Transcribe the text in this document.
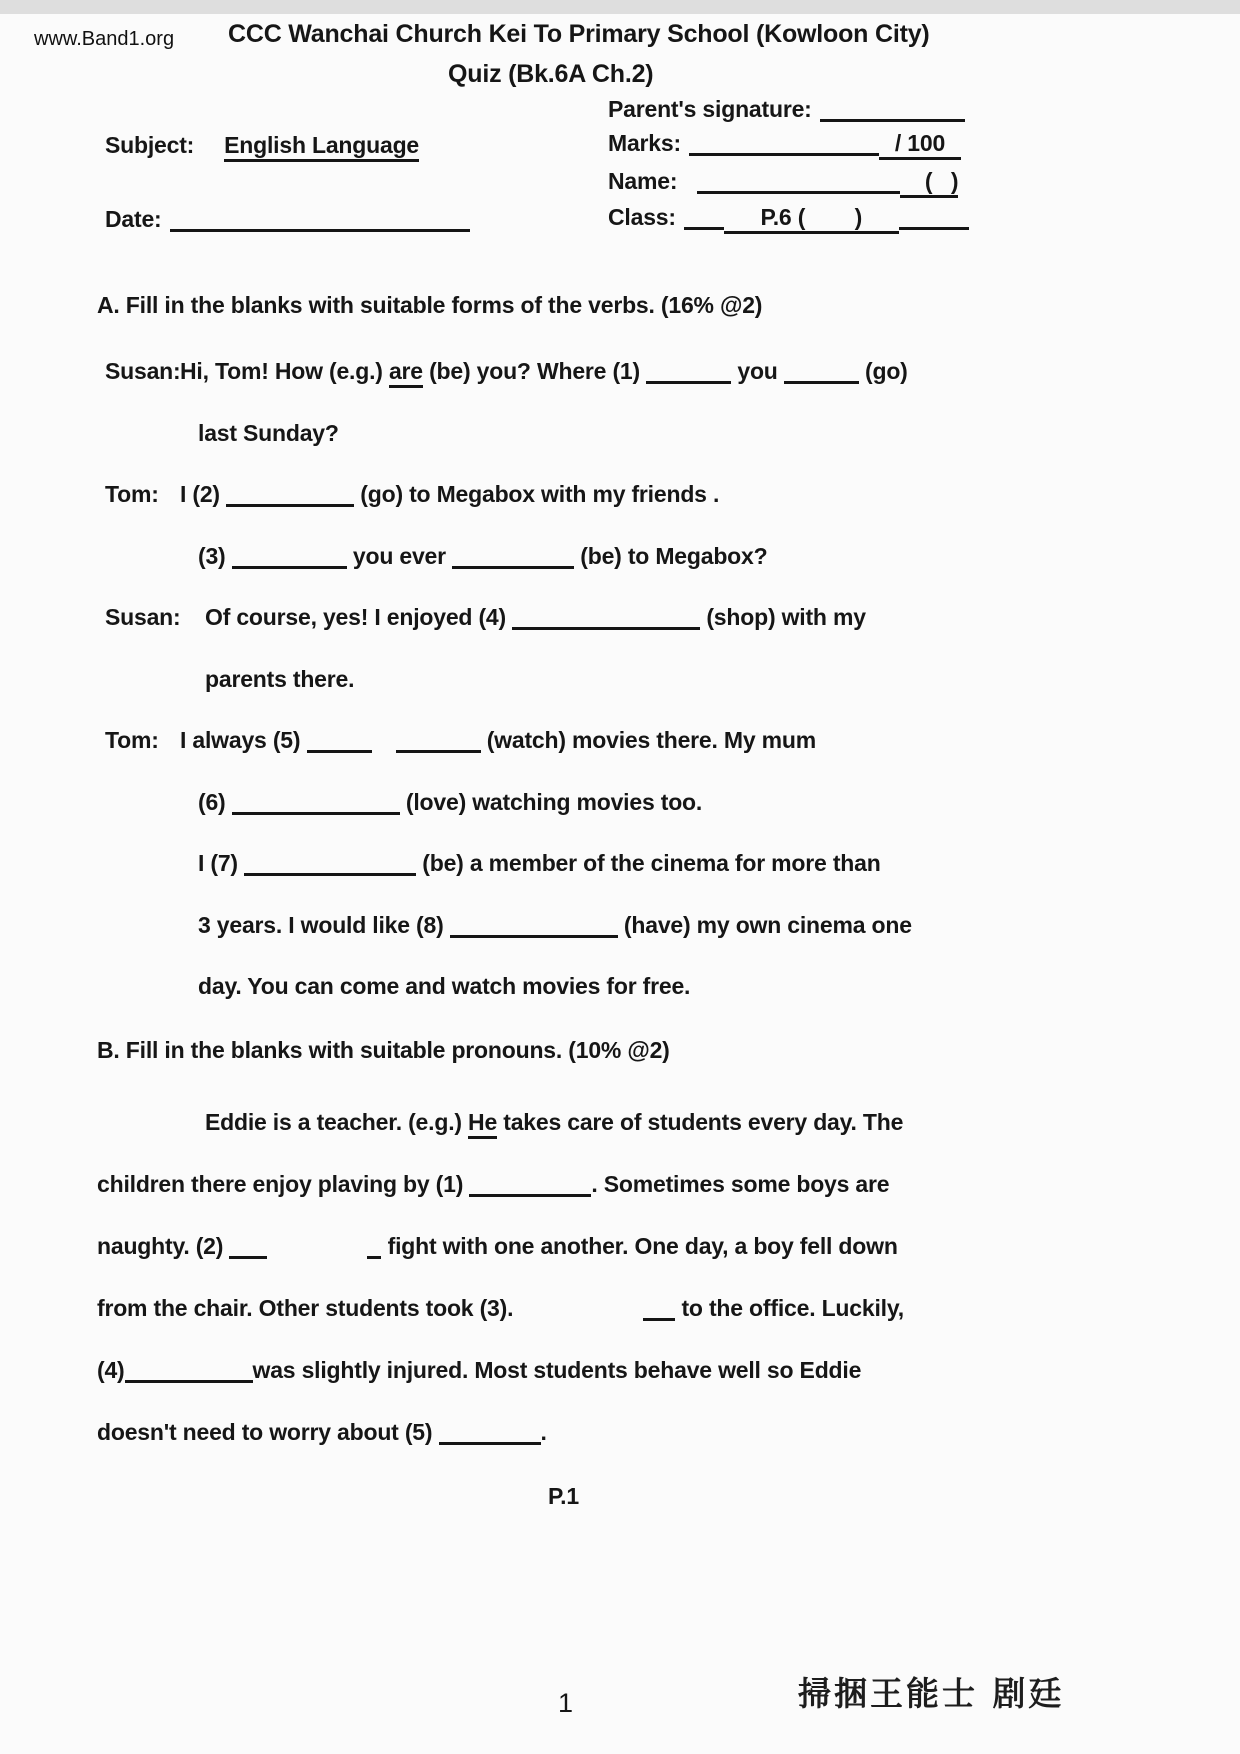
www.Band1.org CCC Wanchai Church Kei To Primary School (Kowloon City)
Quiz (Bk.6A Ch.2)
Parent's signature:
Subject: English Language	Marks:	/ 100
Name:	(   )
Date:	Class:	P.6 (        )
A. Fill in the blanks with suitable forms of the verbs. (16% @2)
Susan: Hi, Tom! How (e.g.) are (be) you? Where (1)	you	(go)
last Sunday?
Tom: I (2)	(go) to Megabox with my friends .
(3)	you ever	(be) to Megabox?
Susan: Of course, yes! I enjoyed (4)	(shop) with my
parents there.
Tom: I always (5)	(watch) movies there. My mum
(6)	(love) watching movies too.
I (7)	(be) a member of the cinema for more than
3 years. I would like (8)	(have) my own cinema one
day. You can come and watch movies for free.
B. Fill in the blanks with suitable pronouns. (10% @2)
Eddie is a teacher. (e.g.) He takes care of students every day. The
children there enjoy plaving by (1)	. Sometimes some boys are
naughty. (2)	fight with one another. One day, a boy fell down
from the chair. Other students took (3).	to the office. Luckily,
(4)	was slightly injured. Most students behave well so Eddie
doesn't need to worry about (5)	.
P.1
掃捆王能士 剧廷
1
